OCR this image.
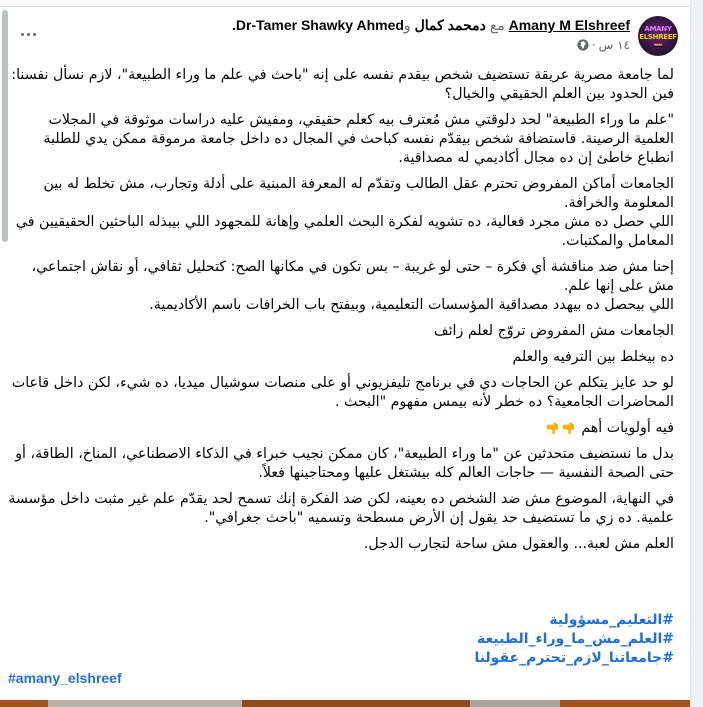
AMANY
ELSHREEF
Amany M Elshreef مع دمحمد كمال وDr-Tamer Shawky Ahmed.
١٤ س
·

لما جامعة مصرية عريقة تستضيف شخص بيقدم نفسه على إنه "باحث في علم ما وراء الطبيعة"، لازم نسأل نفسنا:

فين الحدود بين العلم الحقيقي والخيال؟

"علم ما وراء الطبيعة" لحد دلوقتي مش مُعترف بيه كعلم حقيقي، ومفيش عليه دراسات موثوقة في المجلات العلمية الرصينة. فاستضافة شخص بيقدّم نفسه كباحث في المجال ده داخل جامعة مرموقة ممكن يدي للطلبة انطباع خاطئ إن ده مجال أكاديمي له مصداقية.

الجامعات أماكن المفروض تحترم عقل الطالب وتقدّم له المعرفة المبنية على أدلة وتجارب، مش تخلط له بين المعلومة والخرافة.

اللي حصل ده مش مجرد فعالية، ده تشويه لفكرة البحث العلمي وإهانة للمجهود اللي بيبذله الباحثين الحقيقيين في المعامل والمكتبات.

إحنا مش ضد مناقشة أي فكرة – حتى لو غريبة – بس تكون في مكانها الصح: كتحليل ثقافي، أو نقاش اجتماعي، مش على إنها علم.

اللي بيحصل ده بيهدد مصداقية المؤسسات التعليمية، وبيفتح باب الخرافات باسم الأكاديمية.

الجامعات مش المفروض تروّج لعلم زائف

ده بيخلط بين الترفيه والعلم

لو حد عايز يتكلم عن الحاجات دي في برنامج تليفزيوني أو على منصات سوشيال ميديا، ده شيء، لكن داخل قاعات المحاضرات الجامعية؟ ده خطر لأنه بيمس مفهوم "البحث .

فيه أولويات أهم

بدل ما نستضيف متحدثين عن "ما وراء الطبيعة"، كان ممكن نجيب خبراء في الذكاء الاصطناعي، المناخ، الطاقة، أو حتى الصحة النفسية — حاجات العالم كله بيشتغل عليها ومحتاجينها فعلاً.

في النهاية، الموضوع مش ضد الشخص ده بعينه، لكن ضد الفكرة إنك تسمح لحد يقدّم علم غير مثبت داخل مؤسسة علمية. ده زي ما تستضيف حد يقول إن الأرض مسطحة وتسميه "باحث جغرافي".

العلم مش لعبة... والعقول مش ساحة لتجارب الدجل.

#التعليم_مسؤولية
#العلم_مش_ما_وراء_الطبيعة
#جامعاتنا_لازم_تحترم_عقولنا
#amany_elshreef
